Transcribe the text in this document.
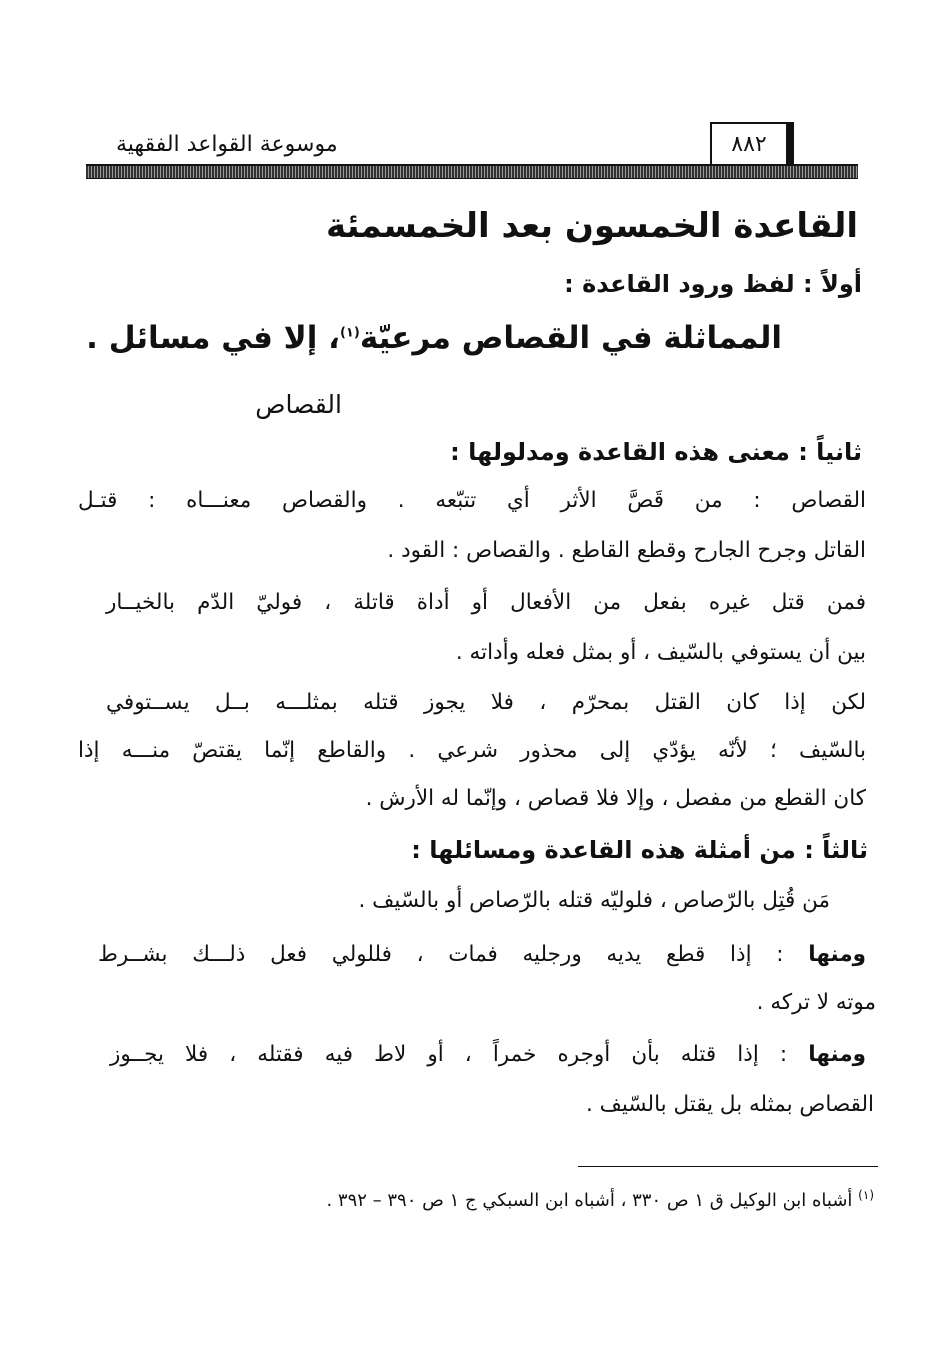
موسوعة القواعد الفقهية	٨٨٢
القاعدة الخمسون بعد الخمسمئة
أولاً : لفظ ورود القاعدة :
المماثلة في القصاص مرعيّة$^{(١)}$، إلا في مسائل .
القصاص
ثانياً : معنى هذه القاعدة ومدلولها :
القصاص : من قَصَّ الأثر أي تتبّعه . والقصاص معنـــاه : قتـل
القاتل وجرح الجارح وقطع القاطع . والقصاص : القود .
فمن قتل غيره بفعل من الأفعال أو أداة قاتلة ، فوليّ الدّم بالخيــار
بين أن يستوفي بالسّيف ، أو بمثل فعله وأداته .
لكن إذا كان القتل بمحرّم ، فلا يجوز قتله بمثلـــه بــل يســتوفي
بالسّيف ؛ لأنّه يؤدّي إلى محذور شرعي . والقاطع إنّما يقتصّ منـــه إذا
كان القطع من مفصل ، وإلا فلا قصاص ، وإنّما له الأرش .
ثالثاً : من أمثلة هذه القاعدة ومسائلها :
مَن قُتِل بالرّصاص ، فلوليّه قتله بالرّصاص أو بالسّيف .
ومنها : إذا قطع يديه ورجليه فمات ، فللولي فعل ذلـــك بشــرط
موته لا تركه .
ومنها : إذا قتله بأن أوجره خمراً ، أو لاط فيه فقتله ، فلا يجــوز
القصاص بمثله بل يقتل بالسّيف .
$^{(١)}$ أشباه ابن الوكيل ق ١ ص ٣٣٠ ، أشباه ابن السبكي ج ١ ص ٣٩٠ – ٣٩٢ .
